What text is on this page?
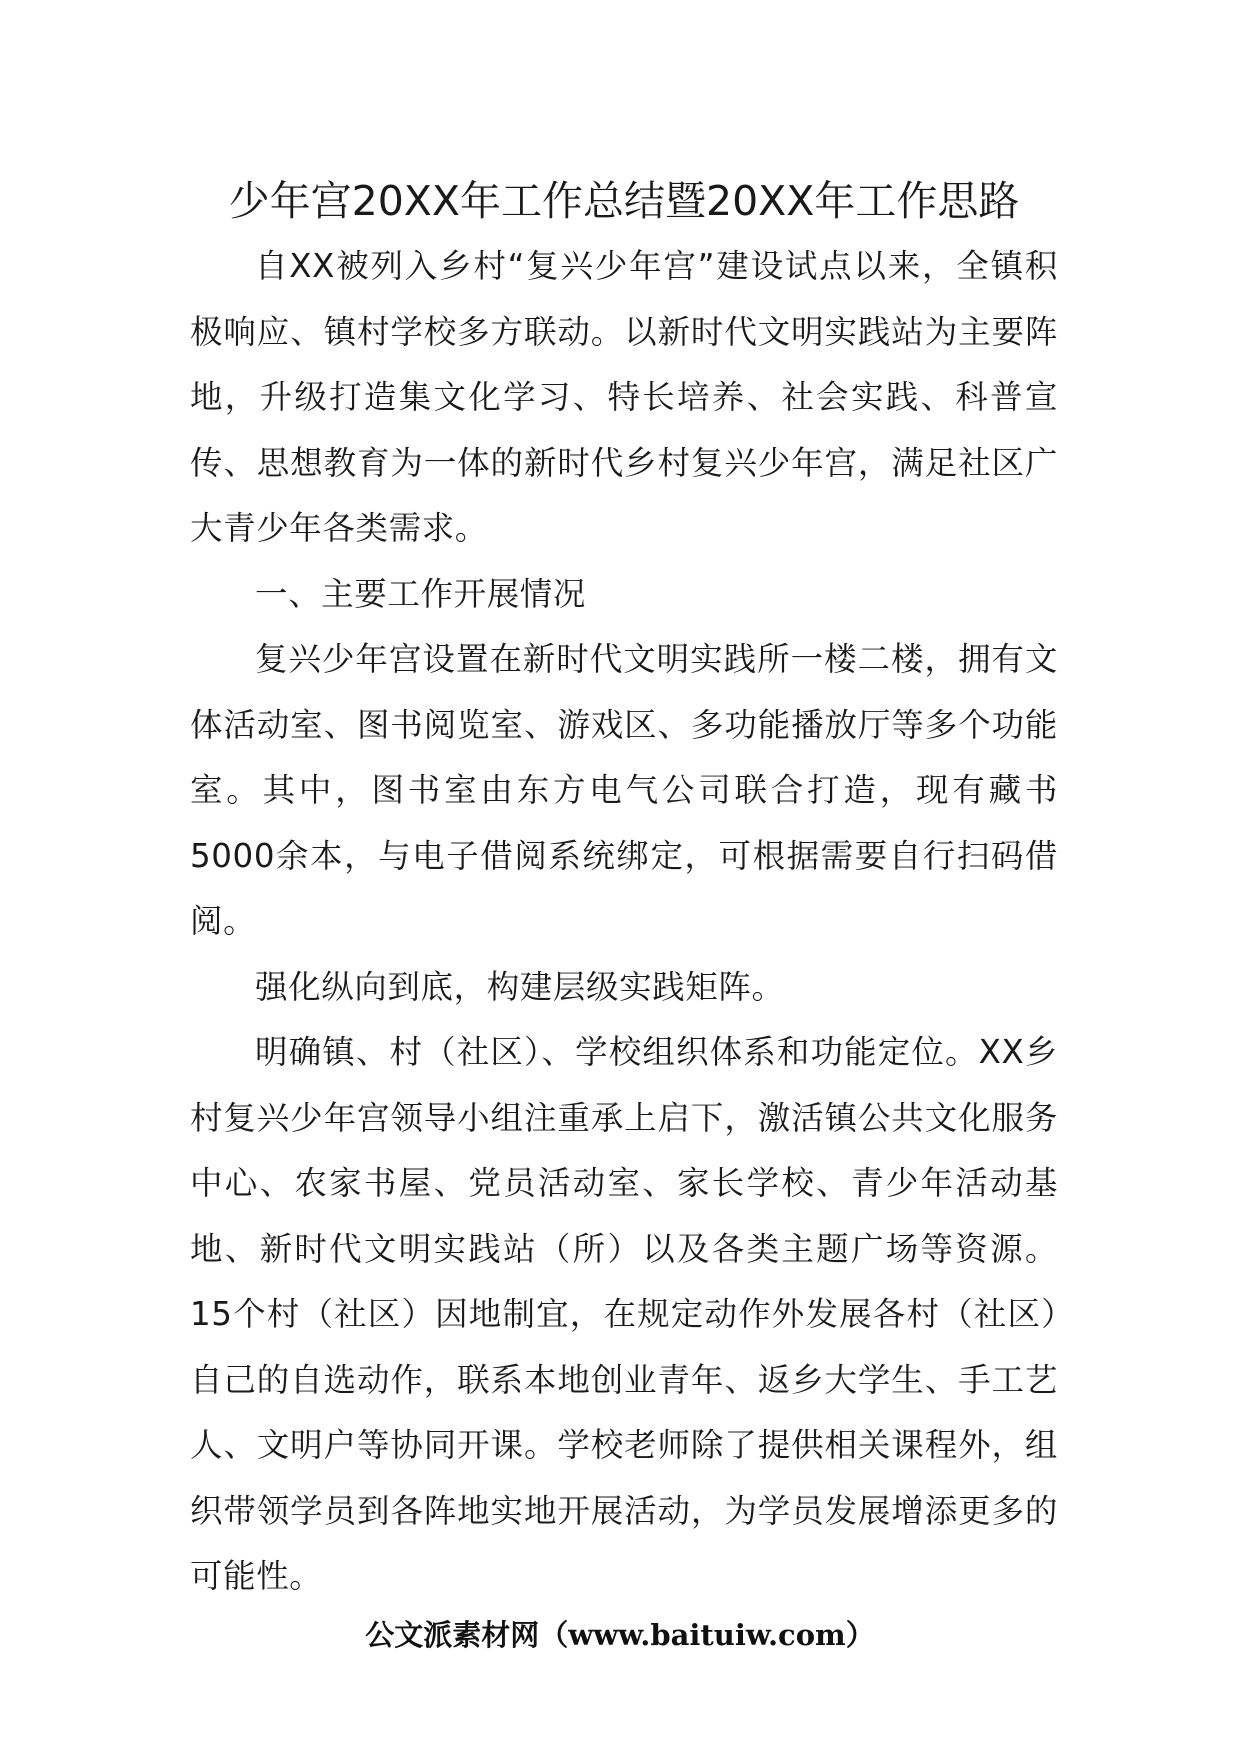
少年宫20XX年工作总结暨20XX年工作思路

自XX被列入乡村“复兴少年宫”建设试点以来，全镇积极响应、镇村学校多方联动。以新时代文明实践站为主要阵地，升级打造集文化学习、特长培养、社会实践、科普宣传、思想教育为一体的新时代乡村复兴少年宫，满足社区广大青少年各类需求。

一、主要工作开展情况

复兴少年宫设置在新时代文明实践所一楼二楼，拥有文体活动室、图书阅览室、游戏区、多功能播放厅等多个功能室。其中，图书室由东方电气公司联合打造，现有藏书5000余本，与电子借阅系统绑定，可根据需要自行扫码借阅。

强化纵向到底，构建层级实践矩阵。

明确镇、村（社区）、学校组织体系和功能定位。XX乡村复兴少年宫领导小组注重承上启下，激活镇公共文化服务中心、农家书屋、党员活动室、家长学校、青少年活动基地、新时代文明实践站（所）以及各类主题广场等资源。15个村（社区）因地制宜，在规定动作外发展各村（社区）自己的自选动作，联系本地创业青年、返乡大学生、手工艺人、文明户等协同开课。学校老师除了提供相关课程外，组织带领学员到各阵地实地开展活动，为学员发展增添更多的可能性。

公文派素材网（www.baituiw.com）
